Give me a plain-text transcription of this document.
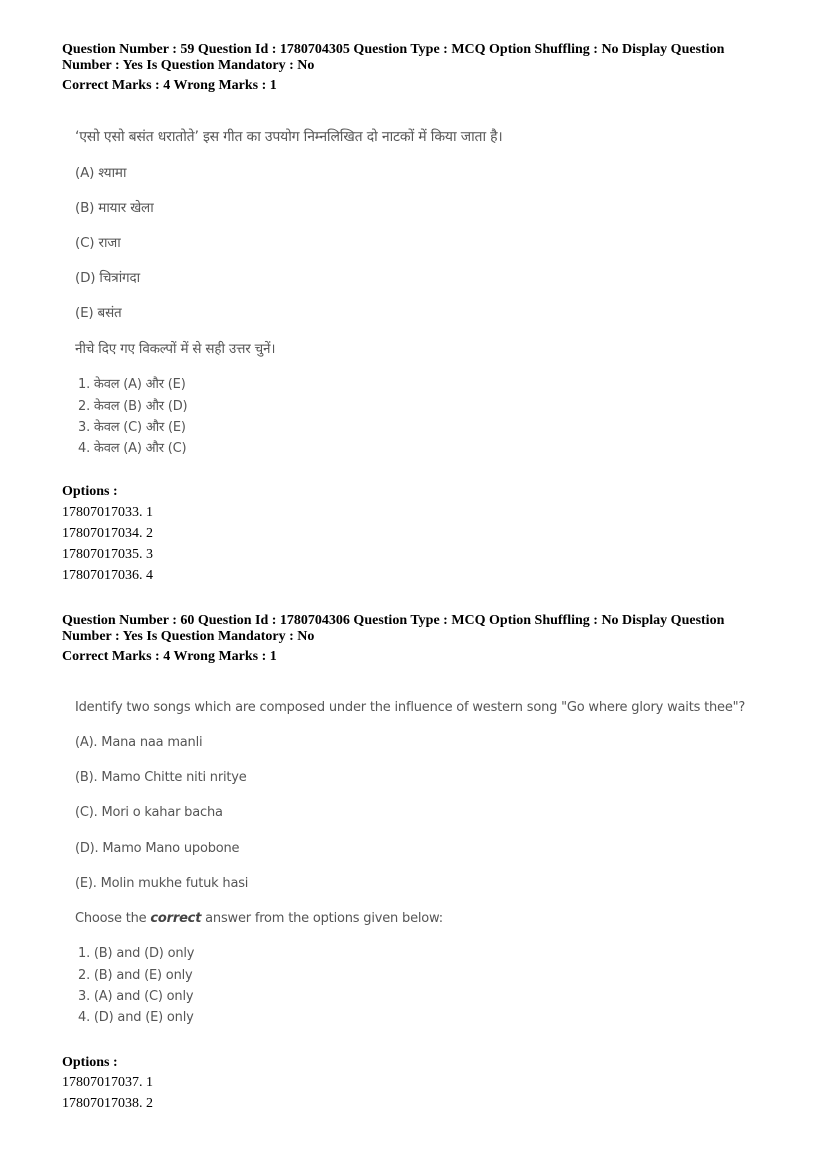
Question Number : 59 Question Id : 1780704305 Question Type : MCQ Option Shuffling : No Display Question
Number : Yes Is Question Mandatory : No
Correct Marks : 4 Wrong Marks : 1
‘एसो एसो बसंत धरातोते’ इस गीत का उपयोग निम्नलिखित दो नाटकों में किया जाता है।
(A) श्यामा
(B) मायार खेला
(C) राजा
(D) चित्रांगदा
(E) बसंत
नीचे दिए गए विकल्पों में से सही उत्तर चुनें।
1. केवल (A) और (E)
2. केवल (B) और (D)
3. केवल (C) और (E)
4. केवल (A) और (C)
Options :
17807017033. 1
17807017034. 2
17807017035. 3
17807017036. 4
Question Number : 60 Question Id : 1780704306 Question Type : MCQ Option Shuffling : No Display Question
Number : Yes Is Question Mandatory : No
Correct Marks : 4 Wrong Marks : 1
Identify two songs which are composed under the influence of western song "Go where glory waits thee"?
(A). Mana naa manli
(B). Mamo Chitte niti nritye
(C). Mori o kahar bacha
(D). Mamo Mano upobone
(E). Molin mukhe futuk hasi
Choose the correct answer from the options given below:
1. (B) and (D) only
2. (B) and (E) only
3. (A) and (C) only
4. (D) and (E) only
Options :
17807017037. 1
17807017038. 2
